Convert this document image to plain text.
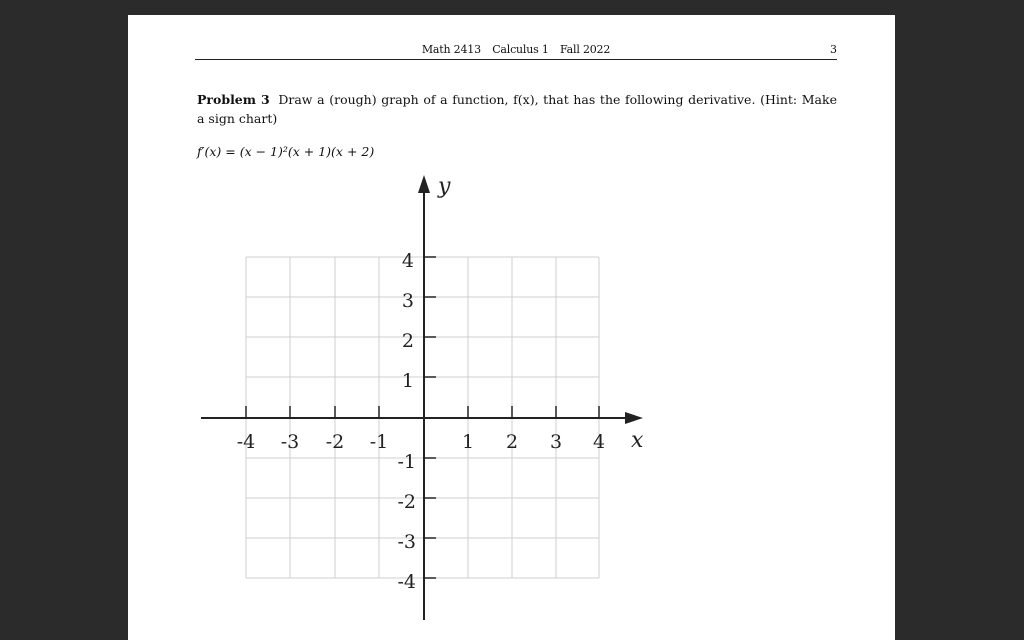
Math 2413 Calculus 1 Fall 2022	3
Problem 3 Draw a (rough) graph of a function, f(x), that has the following derivative. (Hint: Make a sign chart)
f′(x) = (x − 1)²(x + 1)(x + 2)
-4 -3 -2 -1	1 2 3 4
4
3
2
1
-1
-2
-3
-4
x
y
